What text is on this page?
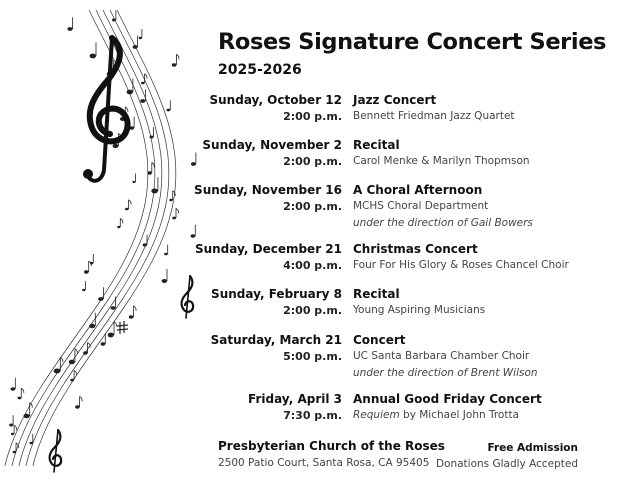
Roses Signature Concert Series
2025-2026
Sunday, October 12 Jazz Concert
2:00 p.m. Bennett Friedman Jazz Quartet
Sunday, November 2 Recital
2:00 p.m. Carol Menke & Marilyn Thopmson
Sunday, November 16 A Choral Afternoon
2:00 p.m. MCHS Choral Department
under the direction of Gail Bowers
Sunday, December 21 Christmas Concert
4:00 p.m. Four For His Glory & Roses Chancel Choir
Sunday, February 8 Recital
2:00 p.m. Young Aspiring Musicians
Saturday, March 21 Concert
5:00 p.m. UC Santa Barbara Chamber Choir
under the direction of Brent Wilson
Friday, April 3 Annual Good Friday Concert
7:30 p.m. Requiem by Michael John Trotta
Presbyterian Church of the Roses
2500 Patio Court, Santa Rosa, CA 95405
Free Admission
Donations Gladly Accepted
